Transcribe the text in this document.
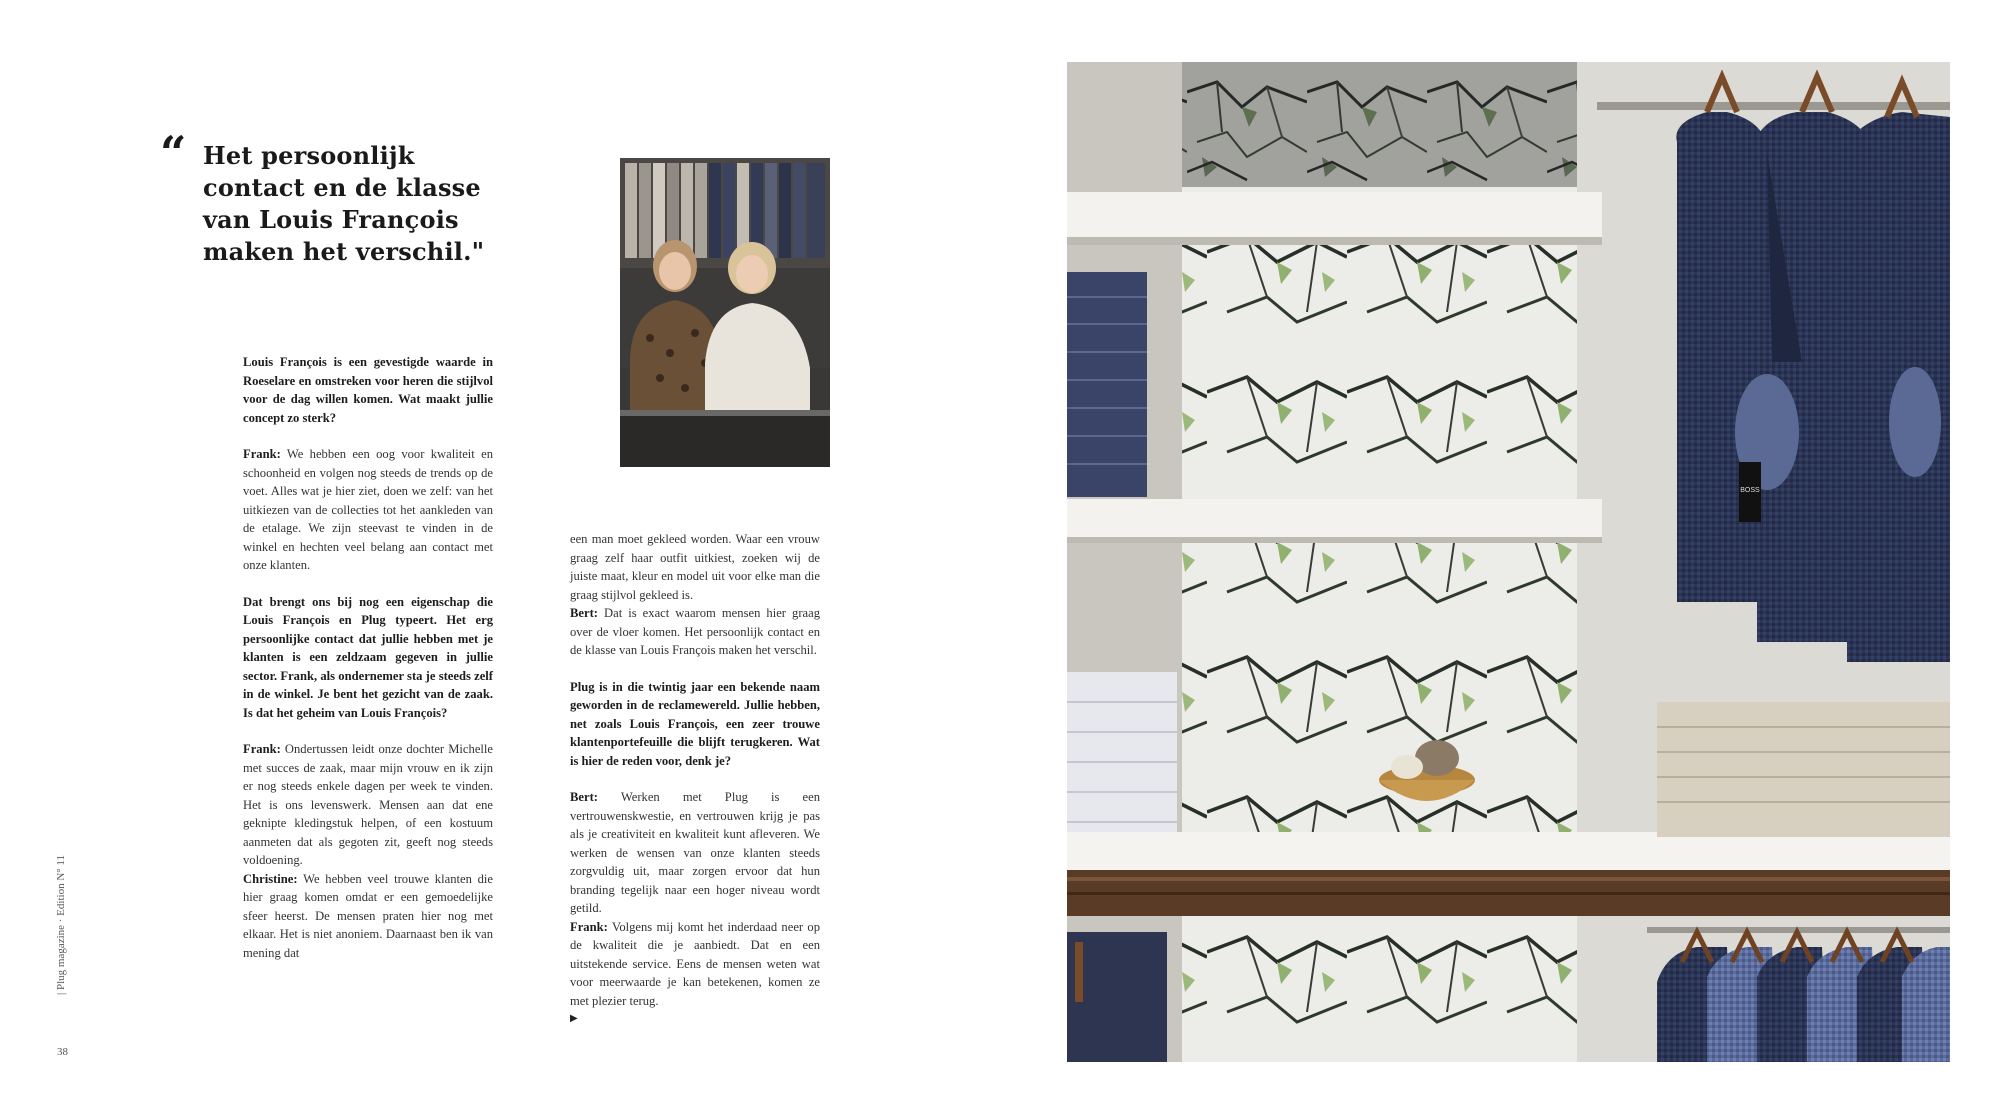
“ Het persoonlijk contact en de klasse van Louis François maken het verschil."

Louis François is een gevestigde waarde in Roeselare en omstreken voor heren die stijlvol voor de dag willen komen. Wat maakt jullie concept zo sterk?

Frank: We hebben een oog voor kwaliteit en schoonheid en volgen nog steeds de trends op de voet. Alles wat je hier ziet, doen we zelf: van het uitkiezen van de collecties tot het aankleden van de etalage. We zijn steevast te vinden in de winkel en hechten veel belang aan contact met onze klanten.

Dat brengt ons bij nog een eigenschap die Louis François en Plug typeert. Het erg persoonlijke contact dat jullie hebben met je klanten is een zeldzaam gegeven in jullie sector. Frank, als ondernemer sta je steeds zelf in de winkel. Je bent het gezicht van de zaak. Is dat het geheim van Louis François?

Frank: Ondertussen leidt onze dochter Michelle met succes de zaak, maar mijn vrouw en ik zijn er nog steeds enkele dagen per week te vinden. Het is ons levenswerk. Mensen aan dat ene geknipte kledingstuk helpen, of een kostuum aanmeten dat als gegoten zit, geeft nog steeds voldoening.

Christine: We hebben veel trouwe klanten die hier graag komen omdat er een gemoedelijke sfeer heerst. De mensen praten hier nog met elkaar. Het is niet anoniem. Daarnaast ben ik van mening dat

een man moet gekleed worden. Waar een vrouw graag zelf haar outfit uitkiest, zoeken wij de juiste maat, kleur en model uit voor elke man die graag stijlvol gekleed is.

Bert: Dat is exact waarom mensen hier graag over de vloer komen. Het persoonlijk contact en de klasse van Louis François maken het verschil.

Plug is in die twintig jaar een bekende naam geworden in de reclamewereld. Jullie hebben, net zoals Louis François, een zeer trouwe klantenportefeuille die blijft terugkeren. Wat is hier de reden voor, denk je?

Bert: Werken met Plug is een vertrouwenskwestie, en vertrouwen krijg je pas als je creativiteit en kwaliteit kunt afleveren. We werken de wensen van onze klanten steeds zorgvuldig uit, maar zorgen ervoor dat hun branding tegelijk naar een hoger niveau wordt getild.

Frank: Volgens mij komt het inderdaad neer op de kwaliteit die je aanbiedt. Dat en een uitstekende service. Eens de mensen weten wat voor meerwaarde je kan betekenen, komen ze met plezier terug.

▶
| Plug magazine · Edition N° 11
38
BOSS
